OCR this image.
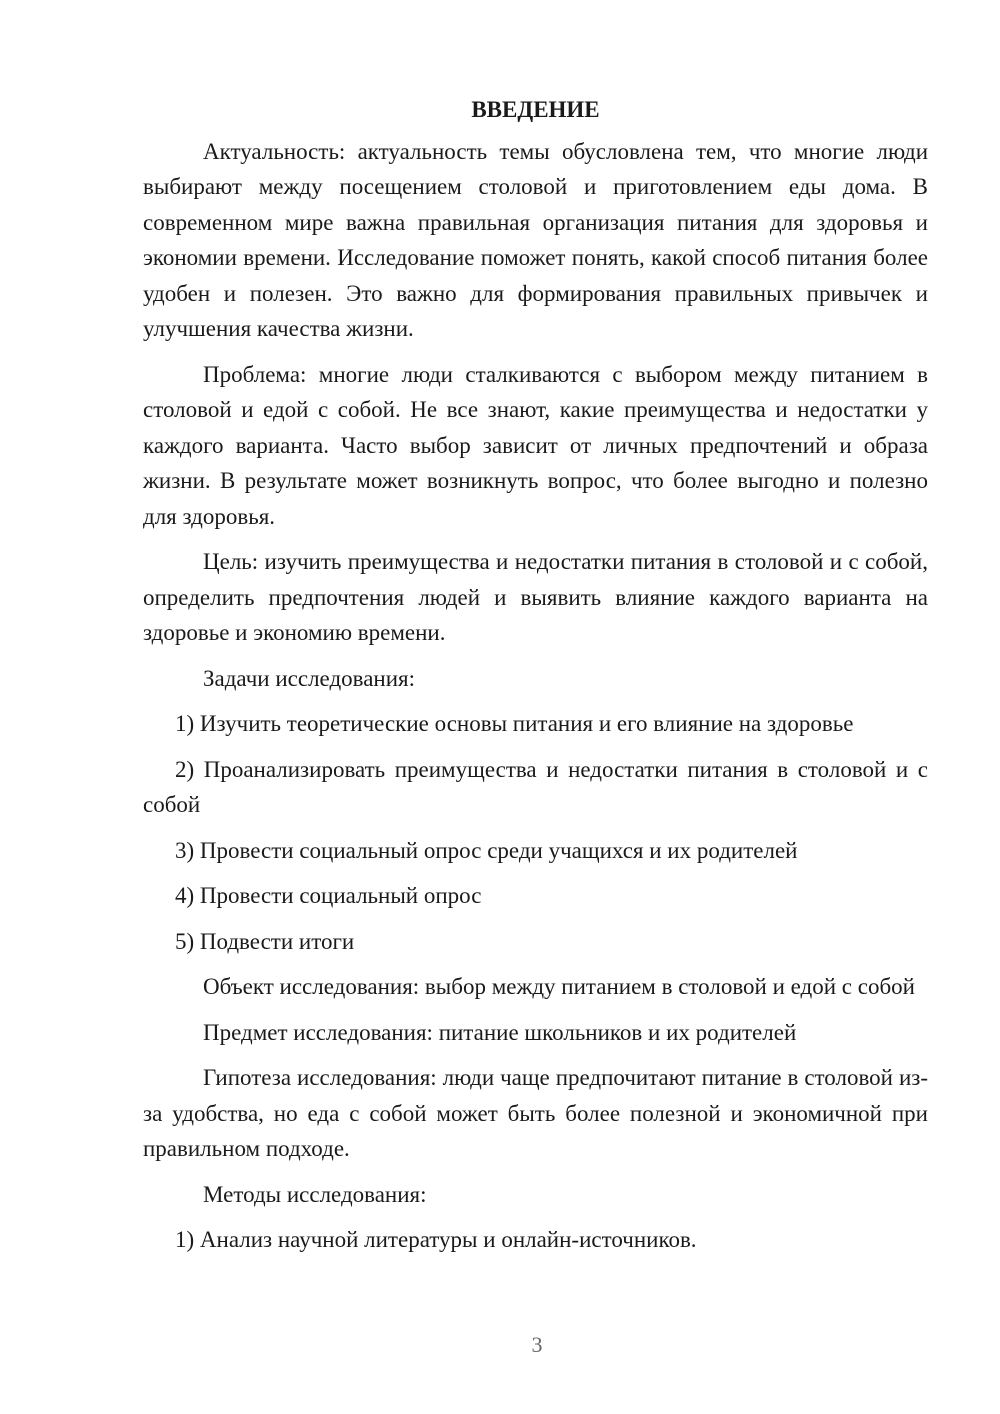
ВВЕДЕНИЕ

Актуальность: актуальность темы обусловлена тем, что многие люди выбирают между посещением столовой и приготовлением еды дома. В современном мире важна правильная организация питания для здоровья и экономии времени. Исследование поможет понять, какой способ питания более удобен и полезен. Это важно для формирования правильных привычек и улучшения качества жизни.

Проблема: многие люди сталкиваются с выбором между питанием в столовой и едой с собой. Не все знают, какие преимущества и недостатки у каждого варианта. Часто выбор зависит от личных предпочтений и образа жизни. В результате может возникнуть вопрос, что более выгодно и полезно для здоровья.

Цель: изучить преимущества и недостатки питания в столовой и с собой, определить предпочтения людей и выявить влияние каждого варианта на здоровье и экономию времени.

Задачи исследования:

1) Изучить теоретические основы питания и его влияние на здоровье

2) Проанализировать преимущества и недостатки питания в столовой и с собой

3) Провести социальный опрос среди учащихся и их родителей

4) Провести социальный опрос

5) Подвести итоги

Объект исследования: выбор между питанием в столовой и едой с собой

Предмет исследования: питание школьников и их родителей

Гипотеза исследования: люди чаще предпочитают питание в столовой из-за удобства, но еда с собой может быть более полезной и экономичной при правильном подходе.

Методы исследования:

1) Анализ научной литературы и онлайн-источников.

3
